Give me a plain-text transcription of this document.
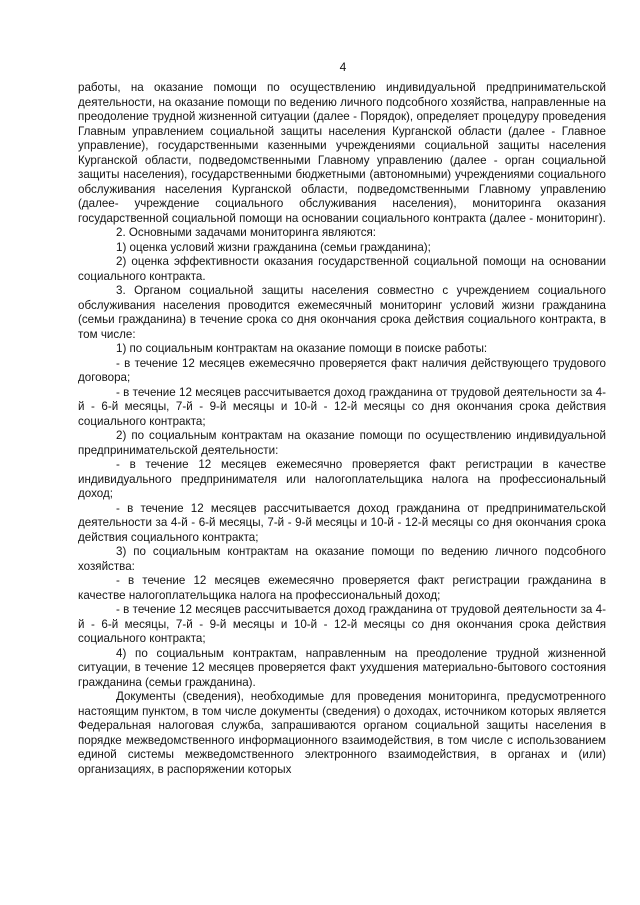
4

работы, на оказание помощи по осуществлению индивидуальной предпринимательской деятельности, на оказание помощи по ведению личного подсобного хозяйства, направленные на преодоление трудной жизненной ситуации (далее - Порядок), определяет процедуру проведения Главным управлением социальной защиты населения Курганской области (далее - Главное управление), государственными казенными учреждениями социальной защиты населения Курганской области, подведомственными Главному управлению (далее - орган социальной защиты населения), государственными бюджетными (автономными) учреждениями социального обслуживания населения Курганской области, подведомственными Главному управлению (далее- учреждение социального обслуживания населения), мониторинга оказания государственной социальной помощи на основании социального контракта (далее - мониторинг).

2. Основными задачами мониторинга являются:

1) оценка условий жизни гражданина (семьи гражданина);

2) оценка эффективности оказания государственной социальной помощи на основании социального контракта.

3. Органом социальной защиты населения совместно с учреждением социального обслуживания населения проводится ежемесячный мониторинг условий жизни гражданина (семьи гражданина) в течение срока со дня окончания срока действия социального контракта, в том числе:

1) по социальным контрактам на оказание помощи в поиске работы:

- в течение 12 месяцев ежемесячно проверяется факт наличия действующего трудового договора;

- в течение 12 месяцев рассчитывается доход гражданина от трудовой деятельности за 4-й - 6-й месяцы, 7-й - 9-й месяцы и 10-й - 12-й месяцы со дня окончания срока действия социального контракта;

2) по социальным контрактам на оказание помощи по осуществлению индивидуальной предпринимательской деятельности:

- в течение 12 месяцев ежемесячно проверяется факт регистрации в качестве индивидуального предпринимателя или налогоплательщика налога на профессиональный доход;

- в течение 12 месяцев рассчитывается доход гражданина от предпринимательской деятельности за 4-й - 6-й месяцы, 7-й - 9-й месяцы и 10-й - 12-й месяцы со дня окончания срока действия социального контракта;

3) по социальным контрактам на оказание помощи по ведению личного подсобного хозяйства:

- в течение 12 месяцев ежемесячно проверяется факт регистрации гражданина в качестве налогоплательщика налога на профессиональный доход;

- в течение 12 месяцев рассчитывается доход гражданина от трудовой деятельности за 4-й - 6-й месяцы, 7-й - 9-й месяцы и 10-й - 12-й месяцы со дня окончания срока действия социального контракта;

4) по социальным контрактам, направленным на преодоление трудной жизненной ситуации, в течение 12 месяцев проверяется факт ухудшения материально-бытового состояния гражданина (семьи гражданина).

Документы (сведения), необходимые для проведения мониторинга, предусмотренного настоящим пунктом, в том числе документы (сведения) о доходах, источником которых является Федеральная налоговая служба, запрашиваются органом социальной защиты населения в порядке межведомственного информационного взаимодействия, в том числе с использованием единой системы межведомственного электронного взаимодействия, в органах и (или) организациях, в распоряжении которых
